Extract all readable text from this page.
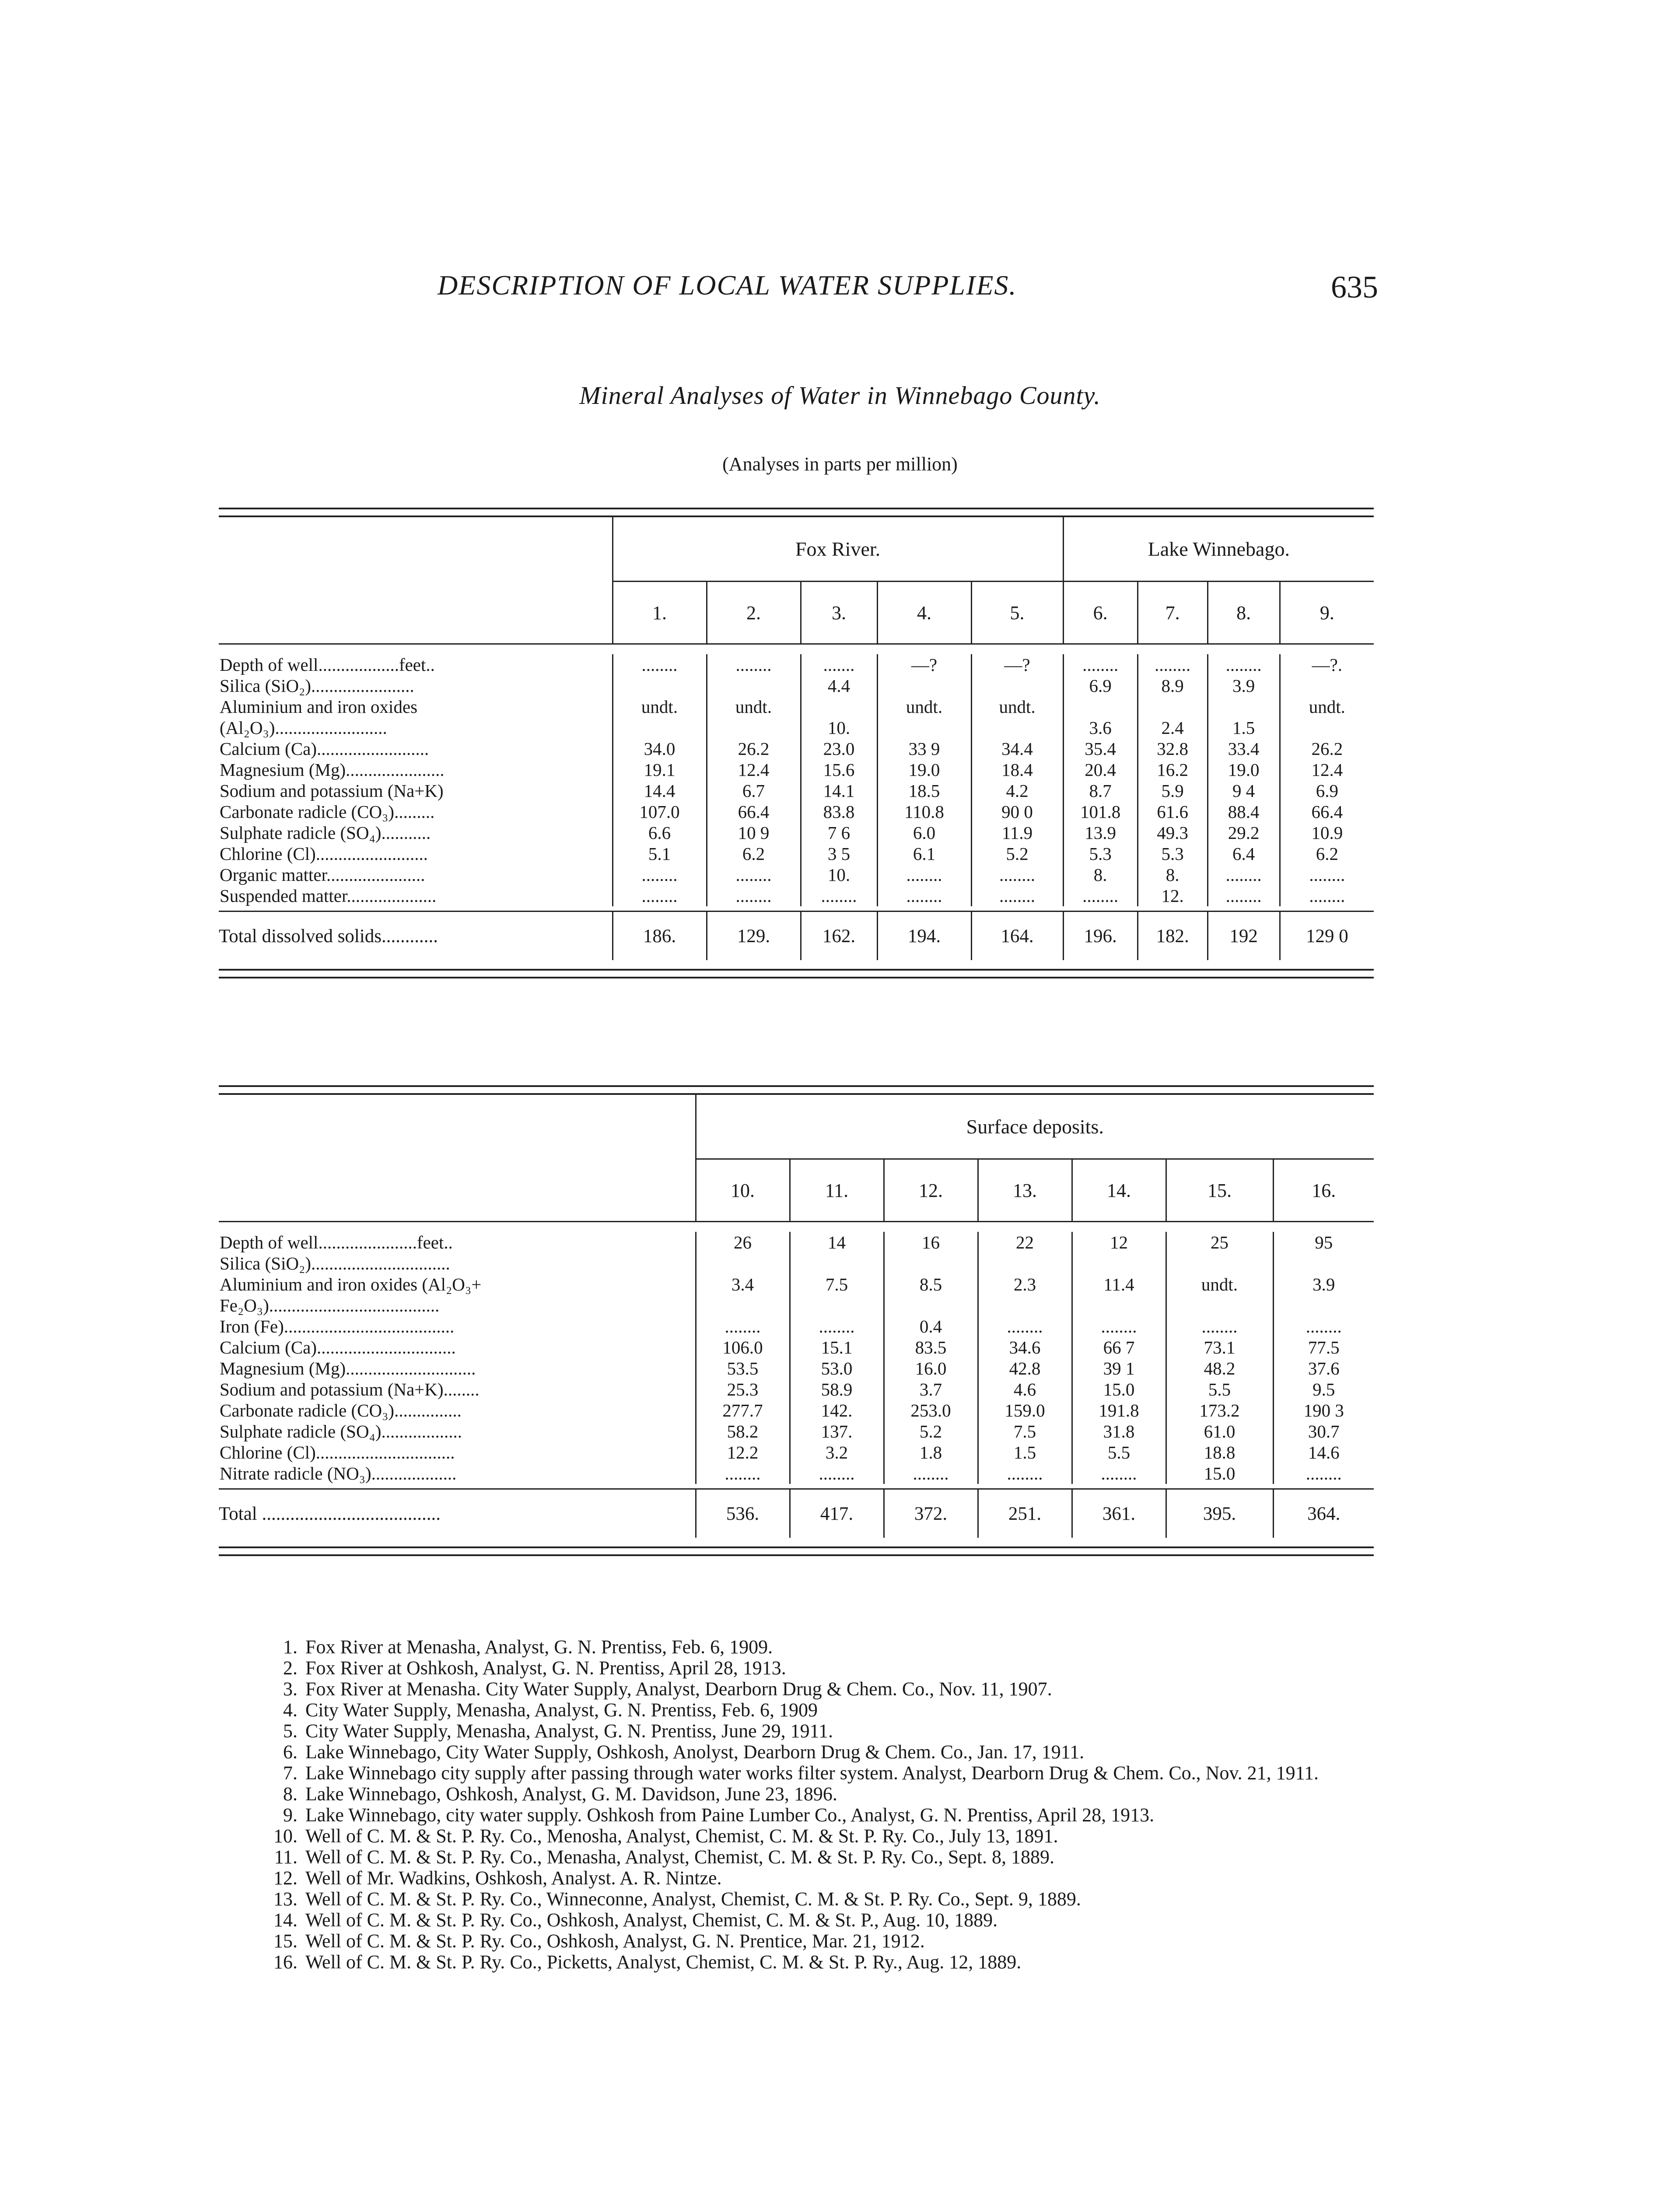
DESCRIPTION OF LOCAL WATER SUPPLIES.	635
Mineral Analyses of Water in Winnebago County.
(Analyses in parts per million)
	Fox River.					Lake Winnebago.			
	1.	2.	3.	4.	5.	6.	7.	8.	9.

Depth of well..................feet..	........	........	.......	—?	—?	........	........	........	—?.
Silica (SiO₂).......................			4.4			6.9	8.9	3.9	
Aluminium and iron oxides	undt.	undt.		undt.	undt.				undt.
(Al₂O₃).........................			10.			3.6	2.4	1.5	
Calcium (Ca).........................	34.0	26.2	23.0	33 9	34.4	35.4	32.8	33.4	26.2
Magnesium (Mg)......................	19.1	12.4	15.6	19.0	18.4	20.4	16.2	19.0	12.4
Sodium and potassium (Na+K)	14.4	6.7	14.1	18.5	4.2	8.7	5.9	9 4	6.9
Carbonate radicle (CO₃).........	107.0	66.4	83.8	110.8	90 0	101.8	61.6	88.4	66.4
Sulphate radicle (SO₄)...........	6.6	10 9	7 6	6.0	11.9	13.9	49.3	29.2	10.9
Chlorine (Cl).........................	5.1	6.2	3 5	6.1	5.2	5.3	5.3	6.4	6.2
Organic matter......................	........	........	10.	........	........	8.	8.	........	........
Suspended matter....................	........	........	........	........	........	........	12.	........	........

Total dissolved solids............	186.	129.	162.	194.	164.	196.	182.	192	129 0
	Surface deposits.						
	10.	11.	12.	13.	14.	15.	16.

Depth of well......................feet..	26	14	16	22	12	25	95
Silica (SiO₂)...............................							
Aluminium and iron oxides (Al₂O₃+	3.4	7.5	8.5	2.3	11.4	undt.	3.9
Fe₂O₃)......................................							
Iron (Fe)......................................	........	........	0.4	........	........	........	........
Calcium (Ca)...............................	106.0	15.1	83.5	34.6	66 7	73.1	77.5
Magnesium (Mg).............................	53.5	53.0	16.0	42.8	39 1	48.2	37.6
Sodium and potassium (Na+K)........	25.3	58.9	3.7	4.6	15.0	5.5	9.5
Carbonate radicle (CO₃)...............	277.7	142.	253.0	159.0	191.8	173.2	190 3
Sulphate radicle (SO₄)..................	58.2	137.	5.2	7.5	31.8	61.0	30.7
Chlorine (Cl)...............................	12.2	3.2	1.8	1.5	5.5	18.8	14.6
Nitrate radicle (NO₃)...................	........	........	........	........	........	15.0	........

Total ......................................	536.	417.	372.	251.	361.	395.	364.
1. Fox River at Menasha, Analyst, G. N. Prentiss, Feb. 6, 1909.
2. Fox River at Oshkosh, Analyst, G. N. Prentiss, April 28, 1913.
3. Fox River at Menasha. City Water Supply, Analyst, Dearborn Drug & Chem. Co., Nov. 11, 1907.
4. City Water Supply, Menasha, Analyst, G. N. Prentiss, Feb. 6, 1909
5. City Water Supply, Menasha, Analyst, G. N. Prentiss, June 29, 1911.
6. Lake Winnebago, City Water Supply, Oshkosh, Anolyst, Dearborn Drug & Chem. Co., Jan. 17, 1911.
7. Lake Winnebago city supply after passing through water works filter system. Analyst, Dearborn Drug & Chem. Co., Nov. 21, 1911.
8. Lake Winnebago, Oshkosh, Analyst, G. M. Davidson, June 23, 1896.
9. Lake Winnebago, city water supply. Oshkosh from Paine Lumber Co., Analyst, G. N. Prentiss, April 28, 1913.
10. Well of C. M. & St. P. Ry. Co., Menosha, Analyst, Chemist, C. M. & St. P. Ry. Co., July 13, 1891.
11. Well of C. M. & St. P. Ry. Co., Menasha, Analyst, Chemist, C. M. & St. P. Ry. Co., Sept. 8, 1889.
12. Well of Mr. Wadkins, Oshkosh, Analyst. A. R. Nintze.
13. Well of C. M. & St. P. Ry. Co., Winneconne, Analyst, Chemist, C. M. & St. P. Ry. Co., Sept. 9, 1889.
14. Well of C. M. & St. P. Ry. Co., Oshkosh, Analyst, Chemist, C. M. & St. P., Aug. 10, 1889.
15. Well of C. M. & St. P. Ry. Co., Oshkosh, Analyst, G. N. Prentice, Mar. 21, 1912.
16. Well of C. M. & St. P. Ry. Co., Picketts, Analyst, Chemist, C. M. & St. P. Ry., Aug. 12, 1889.
